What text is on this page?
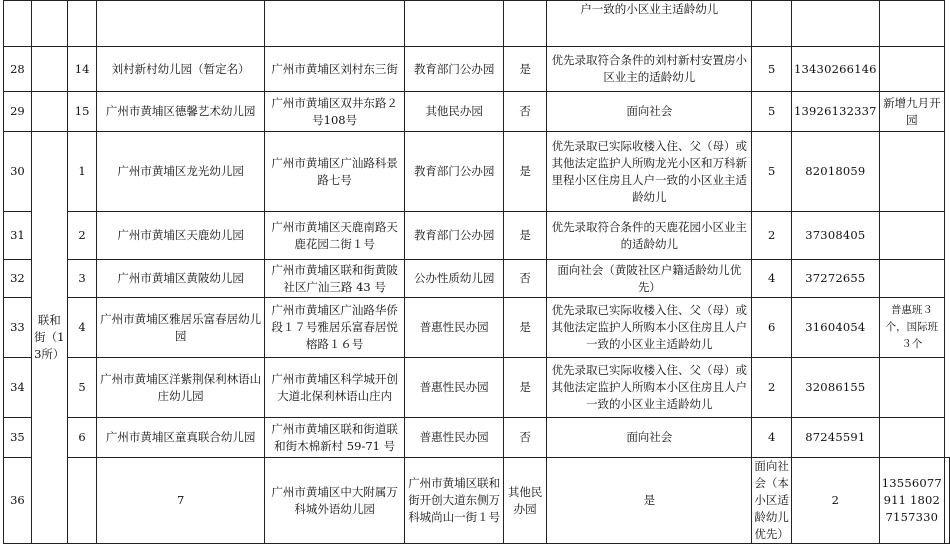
							户一致的小区业主适龄幼儿				
28		14	刘村新村幼儿园（暂定名）	广州市黄埔区刘村东三街	教育部门公办园	是	优先录取符合条件的刘村新村安置房小区业主的适龄幼儿	5	13430266146		
29		15	广州市黄埔区德馨艺术幼儿园	广州市黄埔区双井东路２号108号	其他民办园	否	面向社会	5	13926132337	新增九月开园	
30	联和街（13所）	1	广州市黄埔区龙光幼儿园	广州市黄埔区广汕路科景路七号	教育部门公办园	是	优先录取已实际收楼入住、父（母）或其他法定监护人所购龙光小区和万科新里程小区住房且人户一致的小区业主适龄幼儿	5	82018059		
31		2	广州市黄埔区天鹿幼儿园	广州市黄埔区天鹿南路天鹿花园二街１号	教育部门公办园	是	优先录取符合条件的天鹿花园小区业主的适龄幼儿	2	37308405		
32		3	广州市黄埔区黄陂幼儿园	广州市黄埔区联和街黄陂社区广汕三路 43 号	公办性质幼儿园	否	面向社会（黄陂社区户籍适龄幼儿优先）	4	37272655		
33		4	广州市黄埔区雅居乐富春居幼儿园	广州市黄埔区广汕路华侨段１７号雅居乐富春居悦榕路１６号	普惠性民办园	是	优先录取已实际收楼入住、父（母）或其他法定监护人所购本小区住房且人户一致的小区业主适龄幼儿	6	31604054	普惠班３个，国际班３个	
34		5	广州市黄埔区洋紫荆保利林语山庄幼儿园	广州市黄埔区科学城开创大道北保利林语山庄内	普惠性民办园	是	优先录取已实际收楼入住、父（母）或其他法定监护人所购本小区住房且人户一致的小区业主适龄幼儿	2	32086155		
35		6	广州市黄埔区童真联合幼儿园	广州市黄埔区联和街道联和街木棉新村 59-71 号	普惠性民办园	否	面向社会	4	87245591		
36			7	广州市黄埔区中大附属万科城外语幼儿园	广州市黄埔区联和街开创大道东侧万科城尚山一街１号	其他民办园	是	面向社会（本小区适龄幼儿优先）	2	13556077911 18027157330	
